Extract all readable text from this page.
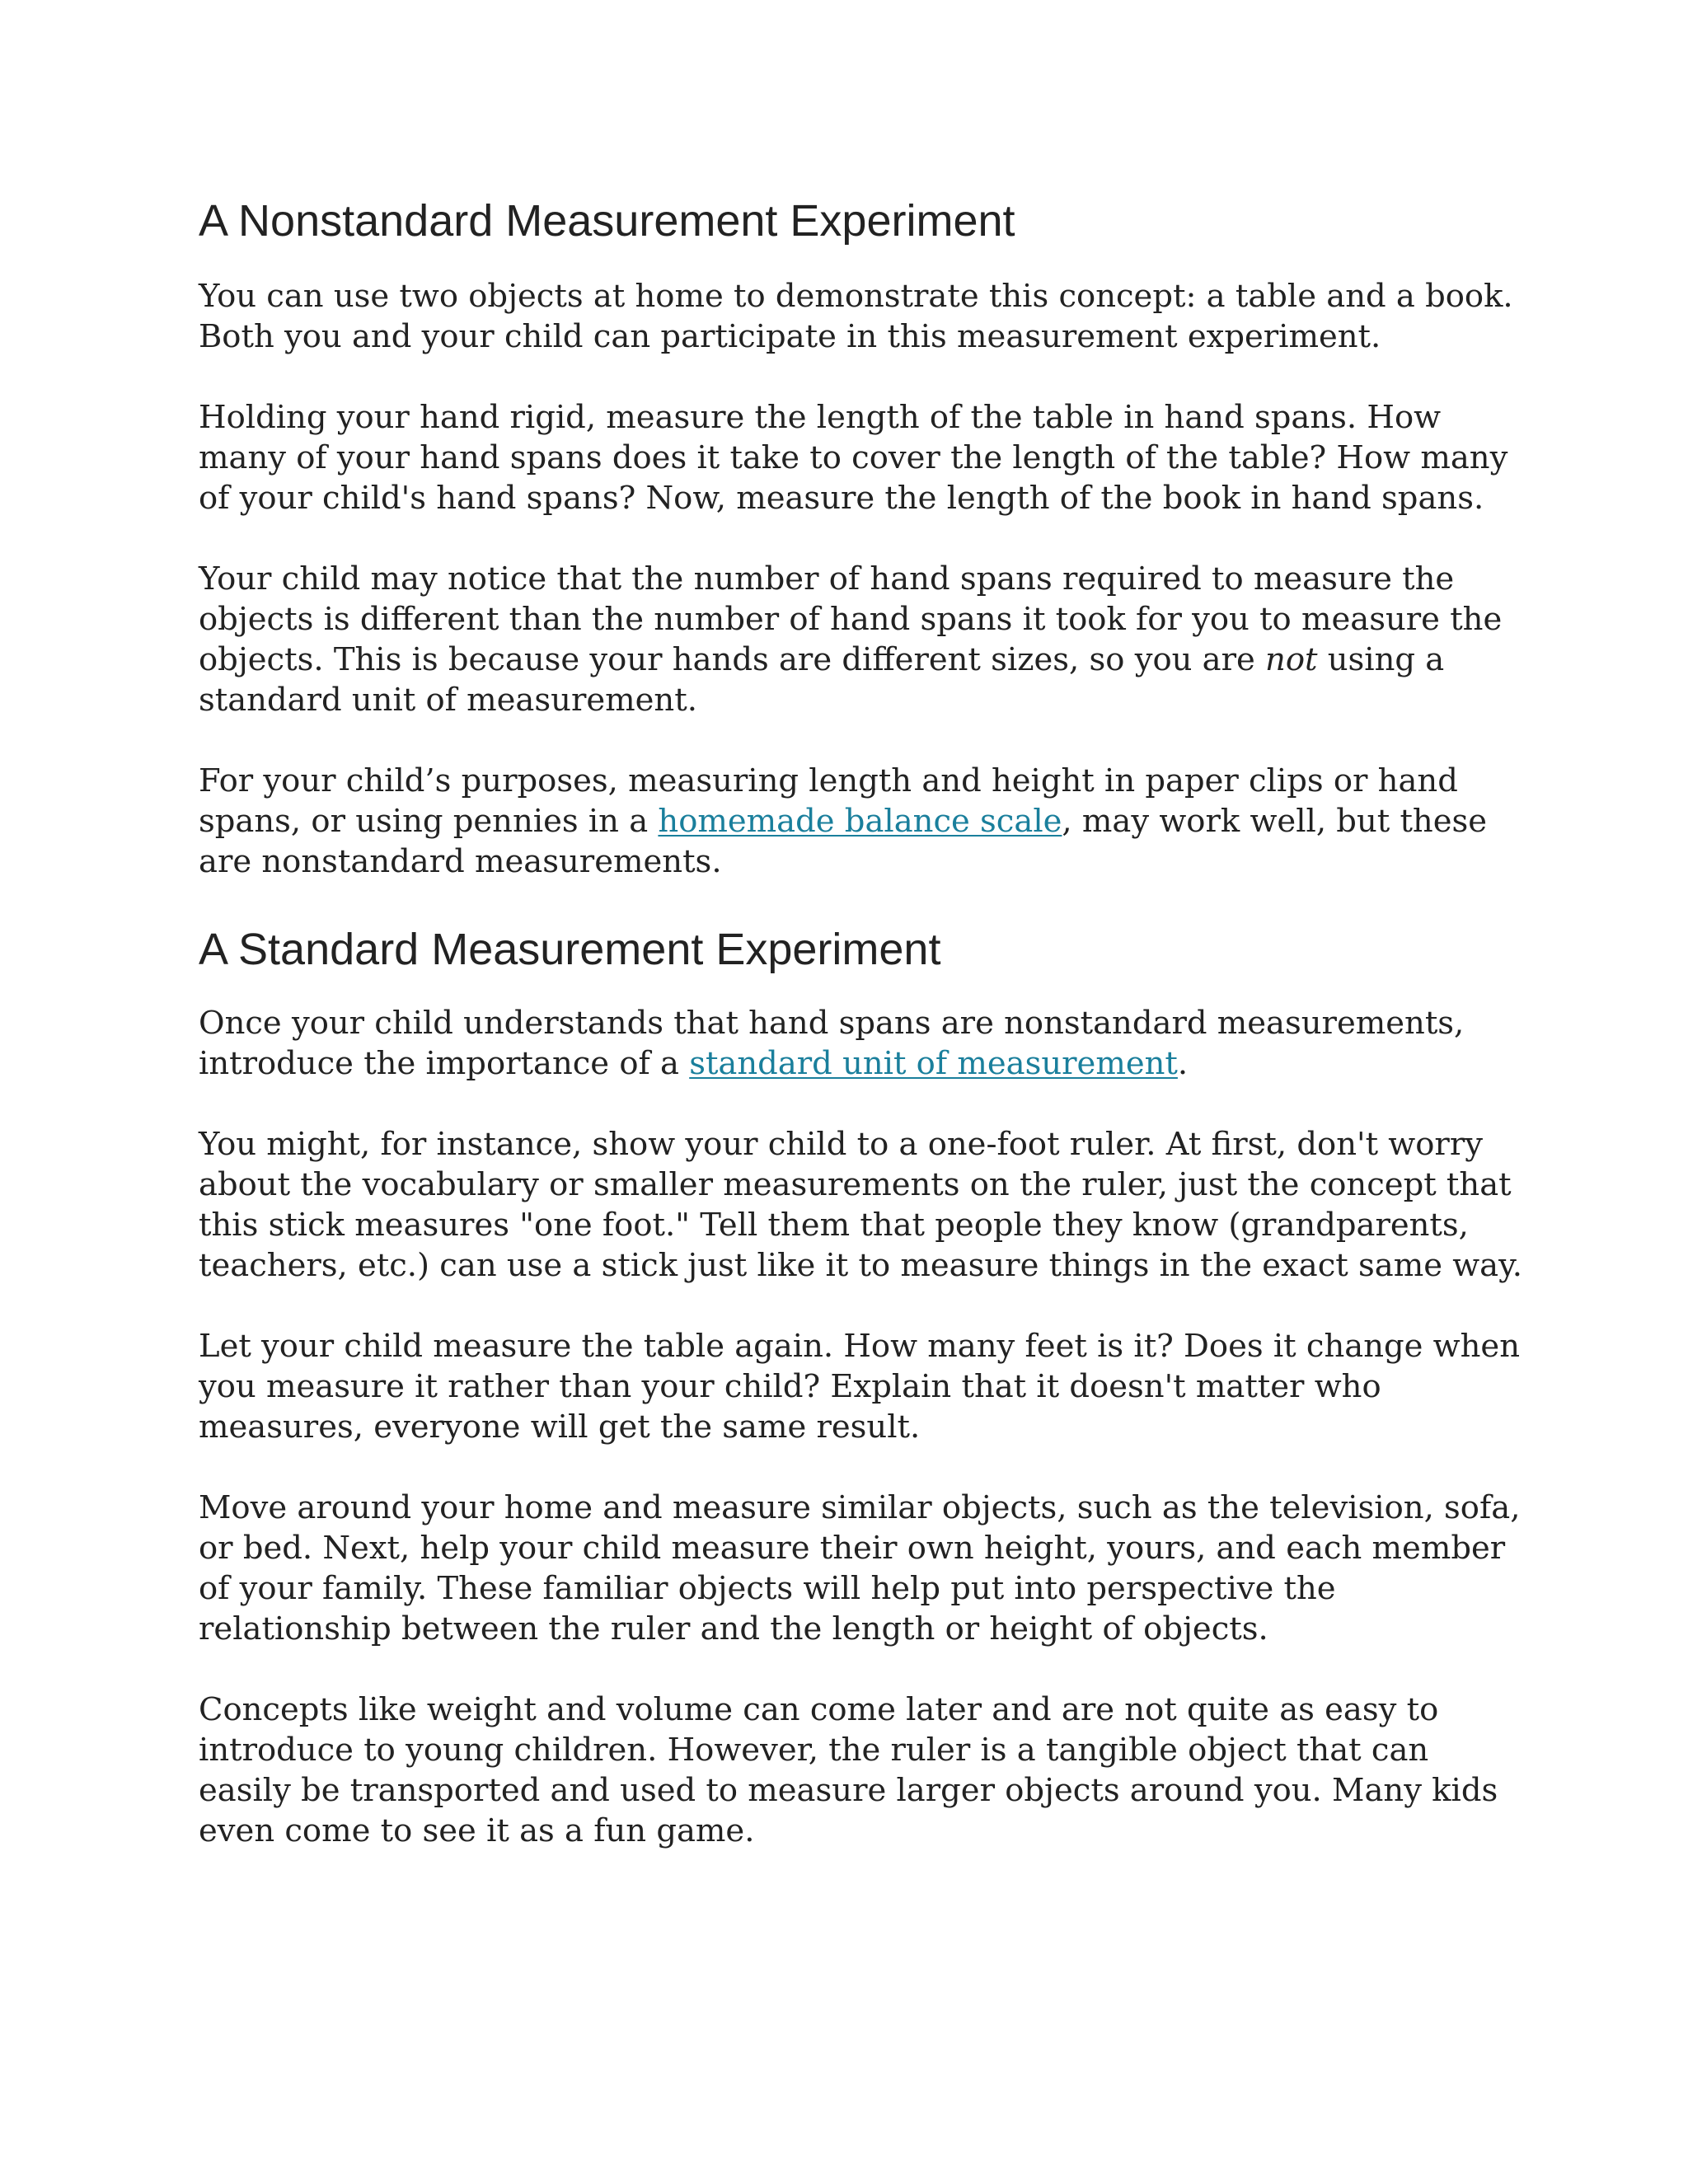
A Nonstandard Measurement Experiment

You can use two objects at home to demonstrate this concept: a table and a book.
Both you and your child can participate in this measurement experiment.

Holding your hand rigid, measure the length of the table in hand spans. How
many of your hand spans does it take to cover the length of the table? How many
of your child's hand spans? Now, measure the length of the book in hand spans.

Your child may notice that the number of hand spans required to measure the
objects is different than the number of hand spans it took for you to measure the
objects. This is because your hands are different sizes, so you are not using a
standard unit of measurement.

For your child’s purposes, measuring length and height in paper clips or hand
spans, or using pennies in a homemade balance scale, may work well, but these
are nonstandard measurements.

A Standard Measurement Experiment

Once your child understands that hand spans are nonstandard measurements,
introduce the importance of a standard unit of measurement.

You might, for instance, show your child to a one-foot ruler. At first, don't worry
about the vocabulary or smaller measurements on the ruler, just the concept that
this stick measures "one foot." Tell them that people they know (grandparents,
teachers, etc.) can use a stick just like it to measure things in the exact same way.

Let your child measure the table again. How many feet is it? Does it change when
you measure it rather than your child? Explain that it doesn't matter who
measures, everyone will get the same result.

Move around your home and measure similar objects, such as the television, sofa,
or bed. Next, help your child measure their own height, yours, and each member
of your family. These familiar objects will help put into perspective the
relationship between the ruler and the length or height of objects.

Concepts like weight and volume can come later and are not quite as easy to
introduce to young children. However, the ruler is a tangible object that can
easily be transported and used to measure larger objects around you. Many kids
even come to see it as a fun game.
